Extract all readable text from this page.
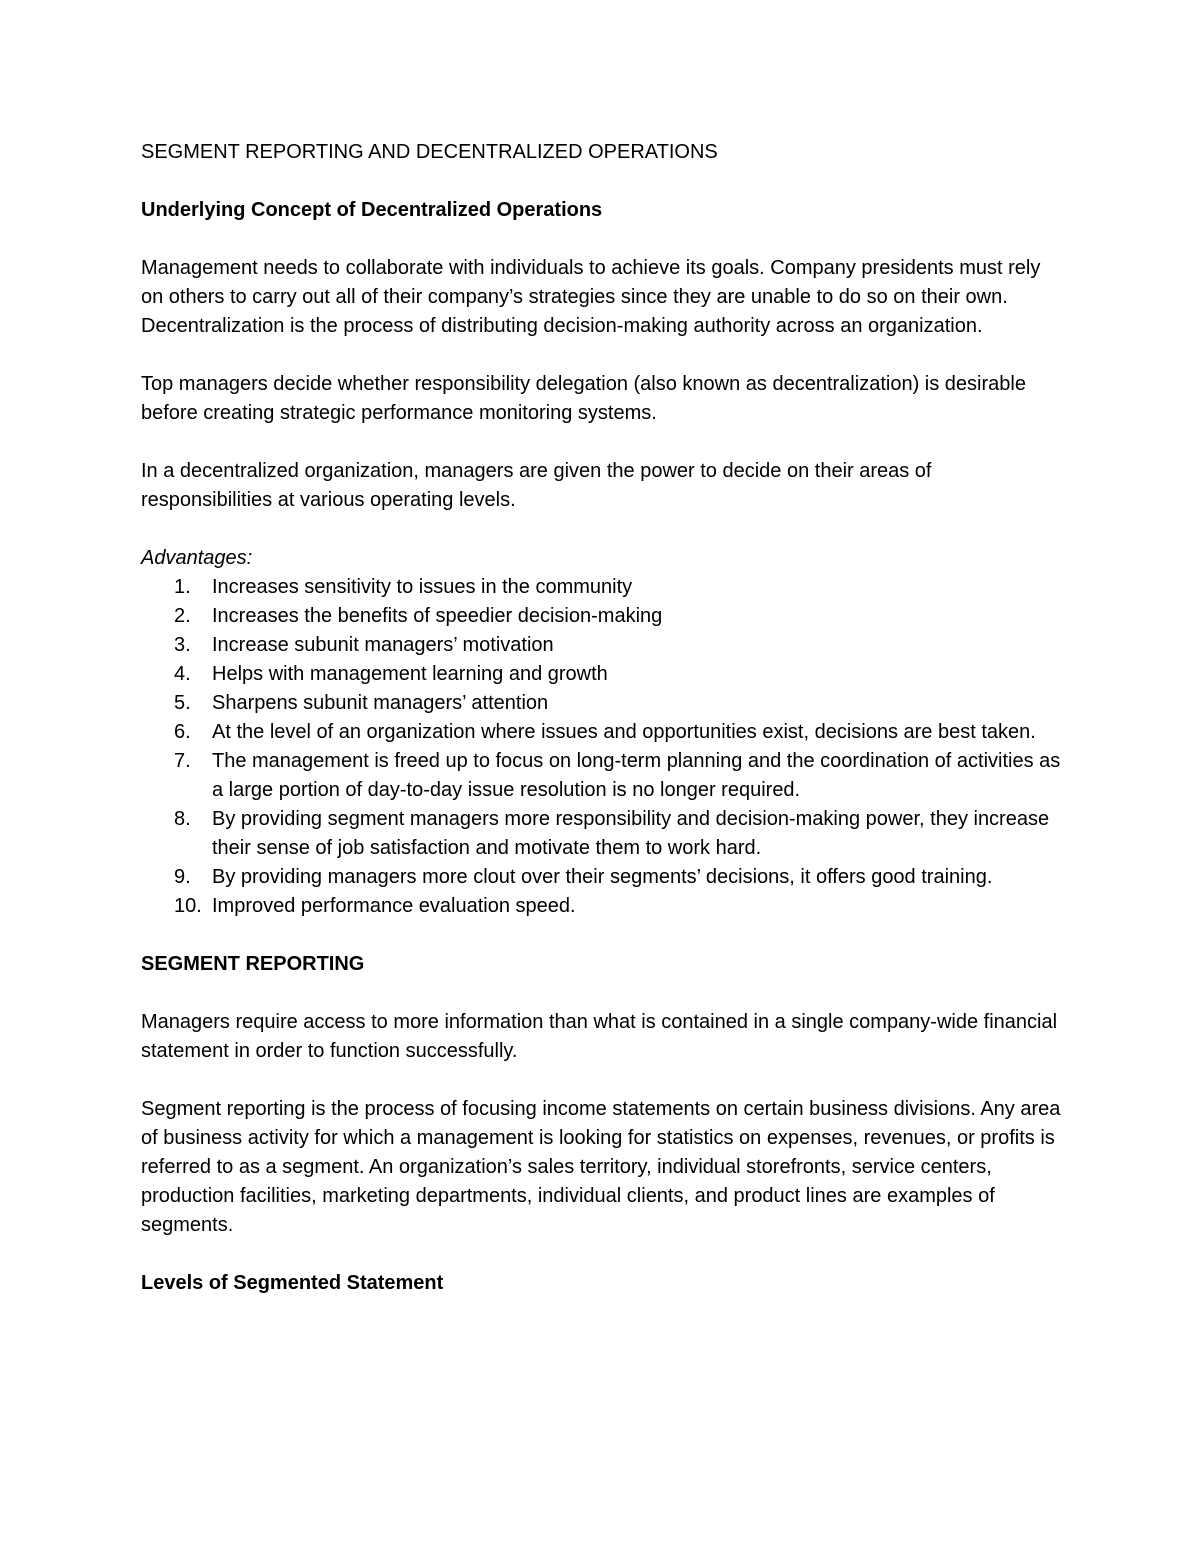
SEGMENT REPORTING AND DECENTRALIZED OPERATIONS
Underlying Concept of Decentralized Operations

Management needs to collaborate with individuals to achieve its goals. Company presidents must rely on others to carry out all of their company’s strategies since they are unable to do so on their own. Decentralization is the process of distributing decision-making authority across an organization.

Top managers decide whether responsibility delegation (also known as decentralization) is desirable before creating strategic performance monitoring systems.

In a decentralized organization, managers are given the power to decide on their areas of responsibilities at various operating levels.

Advantages:

1. Increases sensitivity to issues in the community
2. Increases the benefits of speedier decision-making
3. Increase subunit managers’ motivation
4. Helps with management learning and growth
5. Sharpens subunit managers’ attention
6. At the level of an organization where issues and opportunities exist, decisions are best taken.
7. The management is freed up to focus on long-term planning and the coordination of activities as a large portion of day-to-day issue resolution is no longer required.
8. By providing segment managers more responsibility and decision-making power, they increase their sense of job satisfaction and motivate them to work hard.
9. By providing managers more clout over their segments’ decisions, it offers good training.
10. Improved performance evaluation speed.
SEGMENT REPORTING

Managers require access to more information than what is contained in a single company-wide financial statement in order to function successfully.

Segment reporting is the process of focusing income statements on certain business divisions. Any area of business activity for which a management is looking for statistics on expenses, revenues, or profits is referred to as a segment. An organization’s sales territory, individual storefronts, service centers, production facilities, marketing departments, individual clients, and product lines are examples of segments.

Levels of Segmented Statement
